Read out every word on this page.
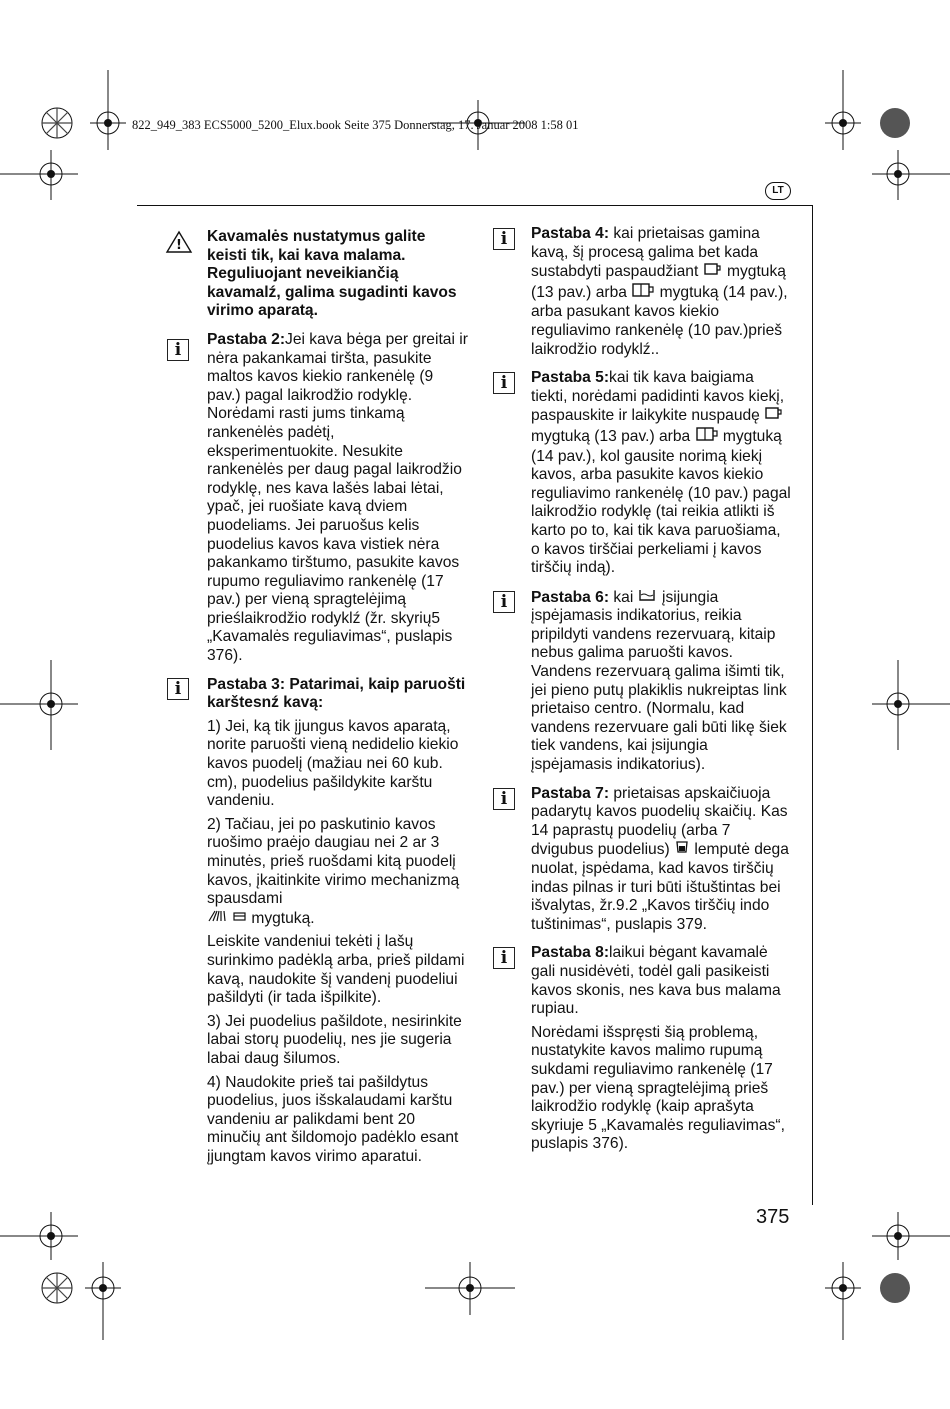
822_949_383 ECS5000_5200_Elux.book Seite 375 Donnerstag, 17. Januar 2008 1:58 01
LT
!

Kavamalės nustatymus galite keisti tik, kai kava malama. Reguliuojant neveikiančią kavamalź, galima sugadinti kavos virimo aparatą.

i

Pastaba 2:Jei kava bėga per greitai ir nėra pakankamai tiršta, pasukite maltos kavos kiekio rankenėlę (9 pav.) pagal laikrodžio rodyklę. Norėdami rasti jums tinkamą rankenėlės padėtį, eksperimentuokite. Nesukite rankenėlės per daug pagal laikrodžio rodyklę, nes kava lašės labai lėtai, ypač, jei ruošiate kavą dviem puodeliams. Jei paruošus kelis puodelius kavos kava vistiek nėra pakankamo tirštumo, pasukite kavos rupumo reguliavimo rankenėlę (17 pav.) per vieną spragtelėjimą prieślaikrodžio rodyklź (žr. skyrių5 „Kavamalės reguliavimas“, puslapis 376).

i	Pastaba 3: Patarimai, kaip paruošti karštesnź kavą:

1) Jei, ką tik įjungus kavos aparatą, norite paruošti vieną nedidelio kiekio kavos puodelį (mažiau nei 60 kub. cm), puodelius pašildykite karštu vandeniu.

2) Tačiau, jei po paskutinio kavos ruošimo praėjo daugiau nei 2 ar 3 minutės, prieš ruošdami kitą puodelį kavos, įkaitinkite virimo mechanizmą spausdami
mygtuką.

Leiskite vandeniui tekėti į lašų surinkimo padėklą arba, prieš pildami kavą, naudokite šį vandenį puodeliui pašildyti (ir tada išpilkite).

3) Jei puodelius pašildote, nesirinkite labai storų puodelių, nes jie sugeria labai daug šilumos.

4) Naudokite prieš tai pašildytus puodelius, juos išskalaudami karštu vandeniu ar palikdami bent 20 minučių ant šildomojo padėklo esant įjungtam kavos virimo aparatui.

i	Pastaba 4: kai prietaisas gamina kavą, šį procesą galima bet kada sustabdyti paspaudžiant mygtuką (13 pav.) arba mygtuką (14 pav.), arba pasukant kavos kiekio reguliavimo rankenėlę (10 pav.)prieš laikrodžio rodyklź..

i	Pastaba 5:kai tik kava baigiama tiekti, norėdami padidinti kavos kiekį, paspauskite ir laikykite nuspaudę  mygtuką (13 pav.) arba mygtuką (14 pav.), kol gausite norimą kiekį kavos, arba pasukite kavos kiekio reguliavimo rankenėlę (10 pav.) pagal laikrodžio rodyklę (tai reikia atlikti iš karto po to, kai tik kava paruošiama, o kavos tirščiai perkeliami į kavos tirščių indą).

i	Pastaba 6: kai įsijungia įspėjamasis indikatorius, reikia pripildyti vandens rezervuarą, kitaip nebus galima paruošti kavos. Vandens rezervuarą galima išimti tik, jei pieno putų plakiklis nukreiptas link prietaiso centro. (Normalu, kad vandens rezervuare gali būti likę šiek tiek vandens, kai įsijungia įspėjamasis indikatorius).

i	Pastaba 7: prietaisas apskaičiuoja padarytų kavos puodelių skaičių. Kas 14 paprastų puodelių (arba 7 dvigubus puodelius) lemputė dega nuolat, įspėdama, kad kavos tirščių indas pilnas ir turi būti ištuštintas bei išvalytas, žr.9.2 „Kavos tirščių indo tuštinimas“, puslapis 379.

i	Pastaba 8:laikui bėgant kavamalė gali nusidėvėti, todėl gali pasikeisti kavos skonis, nes kava bus malama rupiau.

Norėdami išspręsti šią problemą, nustatykite kavos malimo rupumą sukdami reguliavimo rankenėlę (17 pav.) per vieną spragtelėjimą prieš laikrodžio rodyklę (kaip aprašyta skyriuje 5 „Kavamalės reguliavimas“, puslapis 376).

375
